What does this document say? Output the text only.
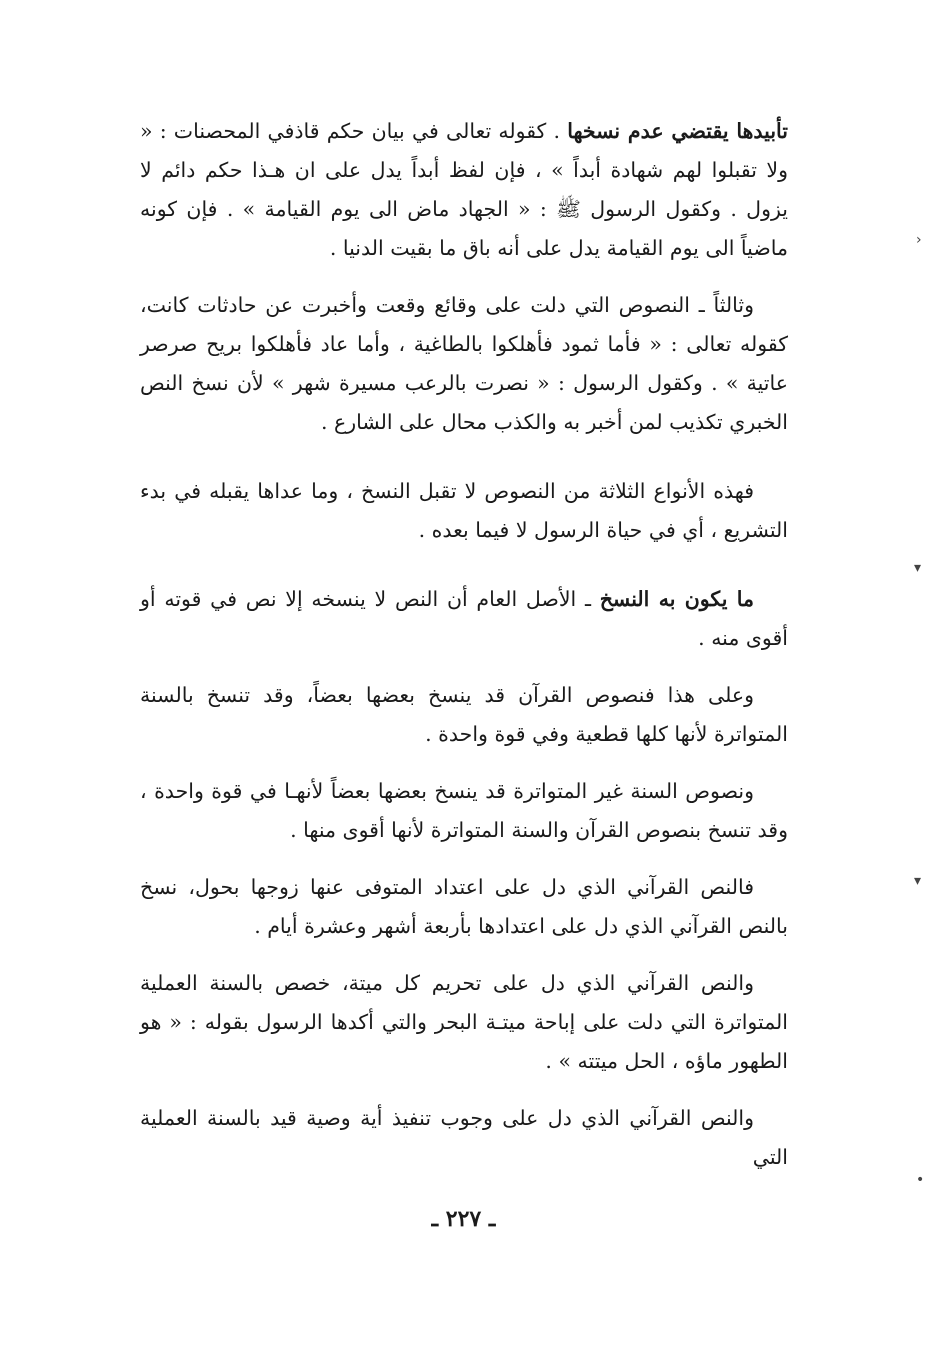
تأبيدها يقتضي عدم نسخها . كقوله تعالى في بيان حكم قاذفي المحصنات : « ولا تقبلوا لهم شهادة أبداً » ، فإن لفظ أبداً يدل على ان هـذا حكم دائم لا يزول . وكقول الرسول ﷺ : « الجهاد ماض الى يوم القيامة » . فإن كونه ماضياً الى يوم القيامة يدل على أنه باق ما بقيت الدنيا .

وثالثاً ـ النصوص التي دلت على وقائع وقعت وأخبرت عن حادثات كانت، كقوله تعالى : « فأما ثمود فأهلكوا بالطاغية ، وأما عاد فأهلكوا بريح صرصر عاتية » . وكقول الرسول : « نصرت بالرعب مسيرة شهر » لأن نسخ النص الخبري تكذيب لمن أخبر به والكذب محال على الشارع .

فهذه الأنواع الثلاثة من النصوص لا تقبل النسخ ، وما عداها يقبله في بدء التشريع ، أي في حياة الرسول لا فيما بعده .

ما يكون به النسخ ـ الأصل العام أن النص لا ينسخه إلا نص في قوته أو أقوى منه .

وعلى هذا فنصوص القرآن قد ينسخ بعضها بعضاً، وقد تنسخ بالسنة المتواترة لأنها كلها قطعية وفي قوة واحدة .

ونصوص السنة غير المتواترة قد ينسخ بعضها بعضاً لأنهـا في قوة واحدة ، وقد تنسخ بنصوص القرآن والسنة المتواترة لأنها أقوى منها .

فالنص القرآني الذي دل على اعتداد المتوفى عنها زوجها بحول، نسخ بالنص القرآني الذي دل على اعتدادها بأربعة أشهر وعشرة أيام .

والنص القرآني الذي دل على تحريم كل ميتة، خصص بالسنة العملية المتواترة التي دلت على إباحة ميتـة البحر والتي أكدها الرسول بقوله : « هو الطهور ماؤه ، الحل ميتته » .

والنص القرآني الذي دل على وجوب تنفيذ أية وصية قيد بالسنة العملية التي

ـ ٢٢٧ ـ
›
▾
▾
•
